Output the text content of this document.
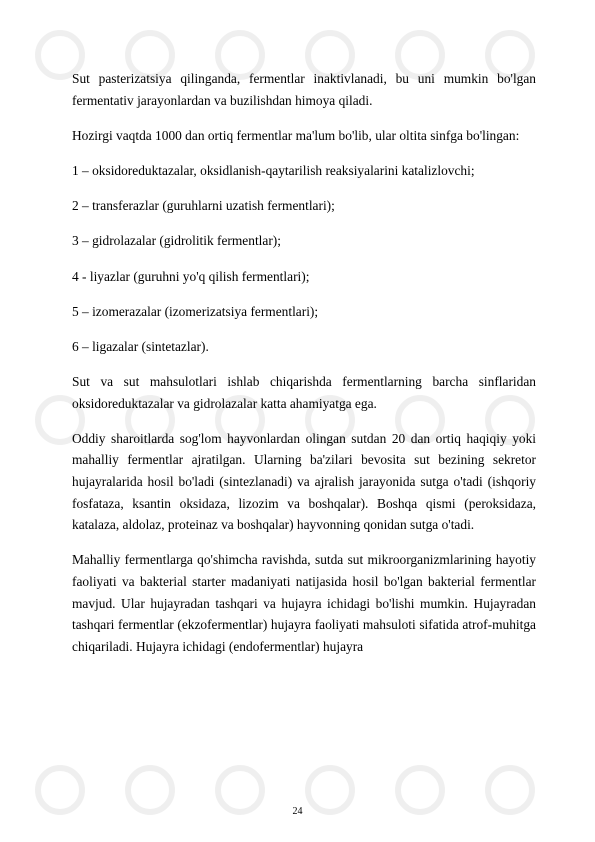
Sut pasterizatsiya qilinganda, fermentlar inaktivlanadi, bu uni mumkin bo'lgan fermentativ jarayonlardan va buzilishdan himoya qiladi.

Hozirgi vaqtda 1000 dan ortiq fermentlar ma'lum bo'lib, ular oltita sinfga bo'lingan:

1 – oksidoreduktazalar, oksidlanish-qaytarilish reaksiyalarini katalizlovchi;

2 – transferazlar (guruhlarni uzatish fermentlari);

3 – gidrolazalar (gidrolitik fermentlar);

4 - liyazlar (guruhni yo'q qilish fermentlari);

5 – izomerazalar (izomerizatsiya fermentlari);

6 – ligazalar (sintetazlar).

Sut va sut mahsulotlari ishlab chiqarishda fermentlarning barcha sinflaridan oksidoreduktazalar va gidrolazalar katta ahamiyatga ega.

Oddiy sharoitlarda sog'lom hayvonlardan olingan sutdan 20 dan ortiq haqiqiy yoki mahalliy fermentlar ajratilgan. Ularning ba'zilari bevosita sut bezining sekretor hujayralarida hosil bo'ladi (sintezlanadi) va ajralish jarayonida sutga o'tadi (ishqoriy fosfataza, ksantin oksidaza, lizozim va boshqalar). Boshqa qismi (peroksidaza, katalaza, aldolaz, proteinaz va boshqalar) hayvonning qonidan sutga o'tadi.

Mahalliy fermentlarga qo'shimcha ravishda, sutda sut mikroorganizmlarining hayotiy faoliyati va bakterial starter madaniyati natijasida hosil bo'lgan bakterial fermentlar mavjud. Ular hujayradan tashqari va hujayra ichidagi bo'lishi mumkin. Hujayradan tashqari fermentlar (ekzofermentlar) hujayra faoliyati mahsuloti sifatida atrof-muhitga chiqariladi. Hujayra ichidagi (endofermentlar) hujayra

24
